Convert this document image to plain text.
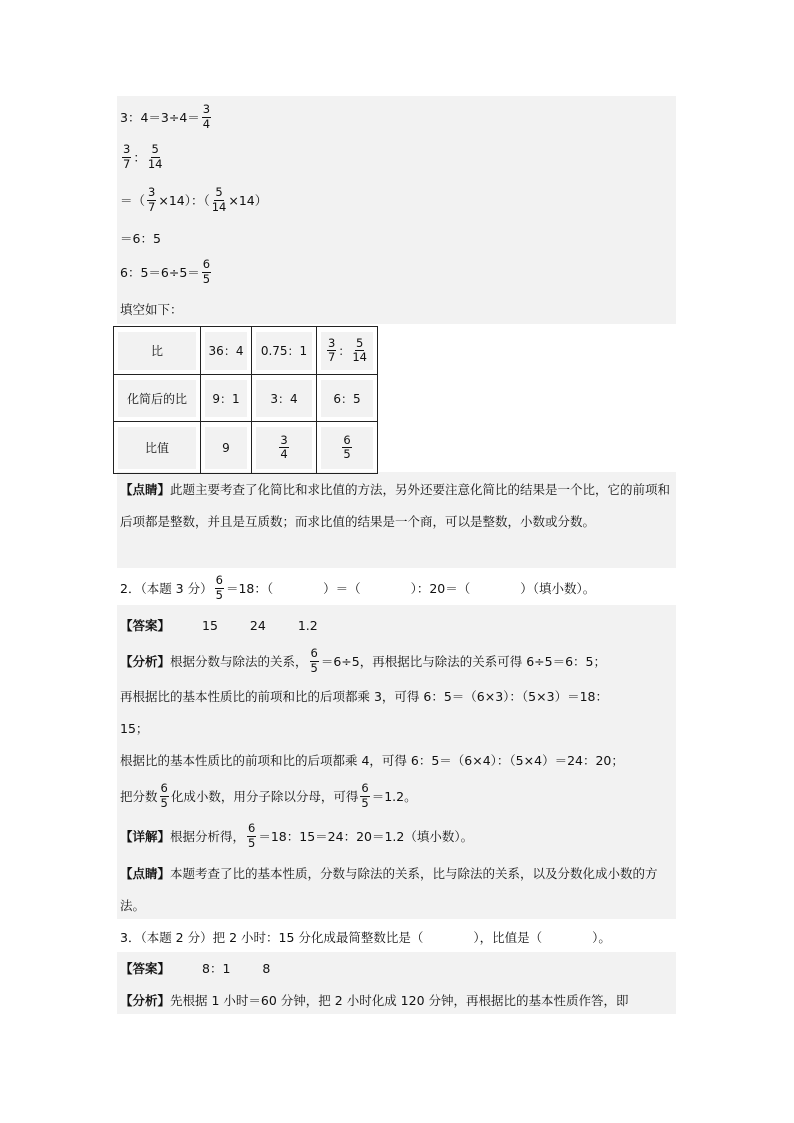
3：$4=3\div 4= \frac{3}{4}$
$\frac{3}{7}$ ： $\frac{5}{14}$
＝（ $\frac{3}{7} \times 14$）：（ $\frac{5}{14} \times 14$）
＝6：5
6：$5=6\div 5= \frac{6}{5}$
填空如下：
比	36：4	0.75：1	$\frac{3}{7}$ ： $\frac{5}{14}$

化简后的比	9：1	3：4	6：5

比值	9	$\frac{3}{4}$	$\frac{6}{5}$
【点睛】此题主要考查了化简比和求比值的方法，另外还要注意化简比的结果是一个比，它的前项和后项都是整数，并且是互质数；而求比值的结果是一个商，可以是整数，小数或分数。
2．（本题 3 分） $\frac{6}{5} =18$：（　　　　）＝（　　　　）：20＝（　　　　）（填小数）。
【答案】	15	24	1.2
【分析】 根据分数与除法的关系， $\frac{6}{5} =6\div 5$，再根据比与除法的关系可得 6÷5＝6：5；
再根据比的基本性质比的前项和比的后项都乘 3，可得 6：5＝（6×3）：（5×3）＝18：
15；
根据比的基本性质比的前项和比的后项都乘 4，可得 6：5＝（6×4）：（5×4）＝24：20；
把分数 $\frac{6}{5}$ 化成小数，用分子除以分母，可得 $\frac{6}{5} =1.2$。
【详解】 根据分析得， $\frac{6}{5} =18$：15＝24：20＝1.2（填小数）。
【点睛】本题考查了比的基本性质，分数与除法的关系，比与除法的关系，以及分数化成小数的方法。
3．（本题 2 分） 把 2 小时：15 分化成最简整数比是（　　　　），比值是（　　　　）。
【答案】	8：1	8
【分析】 先根据 1 小时＝60 分钟，把 2 小时化成 120 分钟，再根据比的基本性质作答，即
